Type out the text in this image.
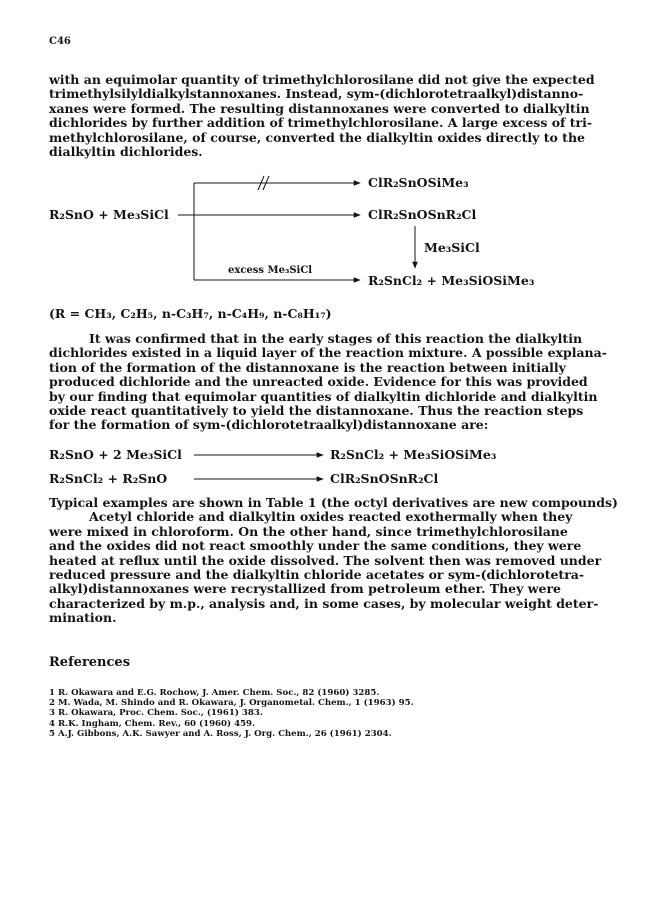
C46
with an equimolar quantity of trimethylchlorosilane did not give the expected
trimethylsilyldialkylstannoxanes. Instead, sym-(dichlorotetraalkyl)distanno-
xanes were formed. The resulting distannoxanes were converted to dialkyltin
dichlorides by further addition of trimethylchlorosilane. A large excess of tri-
methylchlorosilane, of course, converted the dialkyltin oxides directly to the
dialkyltin dichlorides.
R₂SnO + Me₃SiCl
ClR₂SnOSiMe₃
ClR₂SnOSnR₂Cl
Me₃SiCl
excess Me₃SiCl
R₂SnCl₂ + Me₃SiOSiMe₃
(R = CH₃, C₂H₅, n-C₃H₇, n-C₄H₉, n-C₈H₁₇)
It was confirmed that in the early stages of this reaction the dialkyltin
dichlorides existed in a liquid layer of the reaction mixture. A possible explana-
tion of the formation of the distannoxane is the reaction between initially
produced dichloride and the unreacted oxide. Evidence for this was provided
by our finding that equimolar quantities of dialkyltin dichloride and dialkyltin
oxide react quantitatively to yield the distannoxane. Thus the reaction steps
for the formation of sym-(dichlorotetraalkyl)distannoxane are:
R₂SnO + 2 Me₃SiCl	R₂SnCl₂ + Me₃SiOSiMe₃
R₂SnCl₂ + R₂SnO	ClR₂SnOSnR₂Cl
Typical examples are shown in Table 1 (the octyl derivatives are new compounds)
Acetyl chloride and dialkyltin oxides reacted exothermally when they
were mixed in chloroform. On the other hand, since trimethylchlorosilane
and the oxides did not react smoothly under the same conditions, they were
heated at reflux until the oxide dissolved. The solvent then was removed under
reduced pressure and the dialkyltin chloride acetates or sym-(dichlorotetra-
alkyl)distannoxanes were recrystallized from petroleum ether. They were
characterized by m.p., analysis and, in some cases, by molecular weight deter-
mination.
References
1 R. Okawara and E.G. Rochow, J. Amer. Chem. Soc., 82 (1960) 3285.
2 M. Wada, M. Shindo and R. Okawara, J. Organometal. Chem., 1 (1963) 95.
3 R. Okawara, Proc. Chem. Soc., (1961) 383.
4 R.K. Ingham, Chem. Rev., 60 (1960) 459.
5 A.J. Gibbons, A.K. Sawyer and A. Ross, J. Org. Chem., 26 (1961) 2304.
